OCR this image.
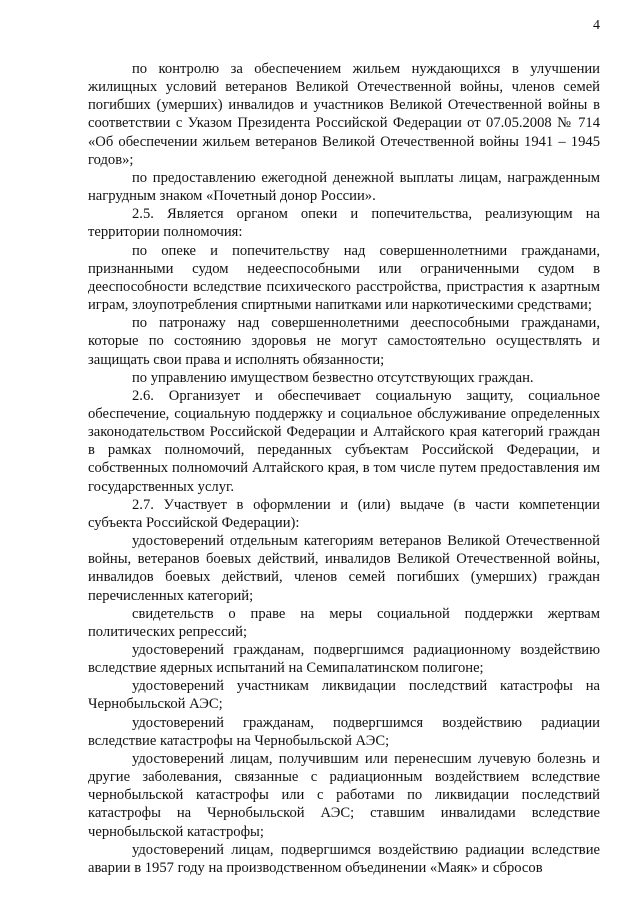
4

по контролю за обеспечением жильем нуждающихся в улучшении жилищных условий ветеранов Великой Отечественной войны, членов семей погибших (умерших) инвалидов и участников Великой Отечественной войны в соответствии с Указом Президента Российской Федерации от 07.05.2008 № 714 «Об обеспечении жильем ветеранов Великой Отечественной войны 1941 – 1945 годов»;

по предоставлению ежегодной денежной выплаты лицам, награжденным нагрудным знаком «Почетный донор России».

2.5. Является органом опеки и попечительства, реализующим на территории полномочия:

по опеке и попечительству над совершеннолетними гражданами, признанными судом недееспособными или ограниченными судом в дееспособности вследствие психического расстройства, пристрастия к азартным играм, злоупотребления спиртными напитками или наркотическими средствами;

по патронажу над совершеннолетними дееспособными гражданами, которые по состоянию здоровья не могут самостоятельно осуществлять и защищать свои права и исполнять обязанности;

по управлению имуществом безвестно отсутствующих граждан.

2.6. Организует и обеспечивает социальную защиту, социальное обеспечение, социальную поддержку и социальное обслуживание определенных законодательством Российской Федерации и Алтайского края категорий граждан в рамках полномочий, переданных субъектам Российской Федерации, и собственных полномочий Алтайского края, в том числе путем предоставления им государственных услуг.

2.7. Участвует в оформлении и (или) выдаче (в части компетенции субъекта Российской Федерации):

удостоверений отдельным категориям ветеранов Великой Отечественной войны, ветеранов боевых действий, инвалидов Великой Отечественной войны, инвалидов боевых действий, членов семей погибших (умерших) граждан перечисленных категорий;

свидетельств о праве на меры социальной поддержки жертвам политических репрессий;

удостоверений гражданам, подвергшимся радиационному воздействию вследствие ядерных испытаний на Семипалатинском полигоне;

удостоверений участникам ликвидации последствий катастрофы на Чернобыльской АЭС;

удостоверений гражданам, подвергшимся воздействию радиации вследствие катастрофы на Чернобыльской АЭС;

удостоверений лицам, получившим или перенесшим лучевую болезнь и другие заболевания, связанные с радиационным воздействием вследствие чернобыльской катастрофы или с работами по ликвидации последствий катастрофы на Чернобыльской АЭС; ставшим инвалидами вследствие чернобыльской катастрофы;

удостоверений лицам, подвергшимся воздействию радиации вследствие аварии в 1957 году на производственном объединении «Маяк» и сбросов
